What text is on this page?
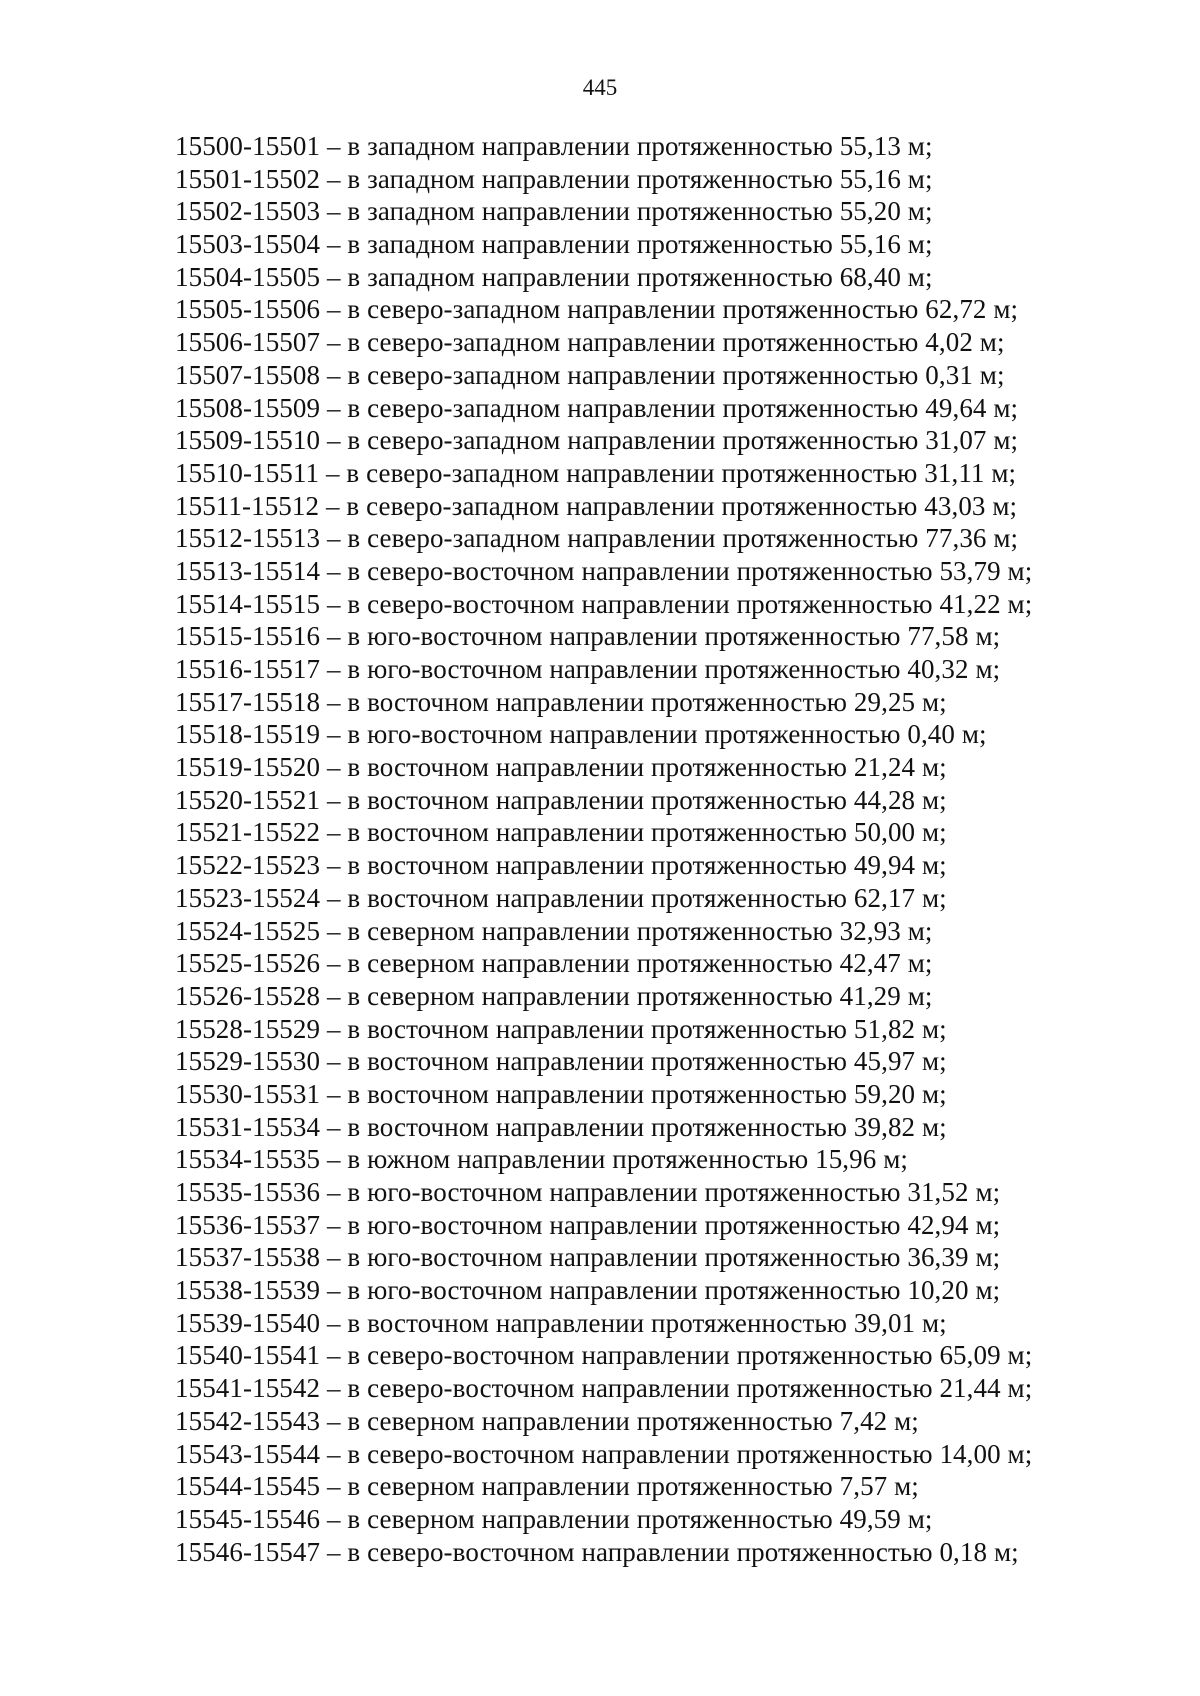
445
15500-15501 – в западном направлении протяженностью 55,13 м;
15501-15502 – в западном направлении протяженностью 55,16 м;
15502-15503 – в западном направлении протяженностью 55,20 м;
15503-15504 – в западном направлении протяженностью 55,16 м;
15504-15505 – в западном направлении протяженностью 68,40 м;
15505-15506 – в северо-западном направлении протяженностью 62,72 м;
15506-15507 – в северо-западном направлении протяженностью 4,02 м;
15507-15508 – в северо-западном направлении протяженностью 0,31 м;
15508-15509 – в северо-западном направлении протяженностью 49,64 м;
15509-15510 – в северо-западном направлении протяженностью 31,07 м;
15510-15511 – в северо-западном направлении протяженностью 31,11 м;
15511-15512 – в северо-западном направлении протяженностью 43,03 м;
15512-15513 – в северо-западном направлении протяженностью 77,36 м;
15513-15514 – в северо-восточном направлении протяженностью 53,79 м;
15514-15515 – в северо-восточном направлении протяженностью 41,22 м;
15515-15516 – в юго-восточном направлении протяженностью 77,58 м;
15516-15517 – в юго-восточном направлении протяженностью 40,32 м;
15517-15518 – в восточном направлении протяженностью 29,25 м;
15518-15519 – в юго-восточном направлении протяженностью 0,40 м;
15519-15520 – в восточном направлении протяженностью 21,24 м;
15520-15521 – в восточном направлении протяженностью 44,28 м;
15521-15522 – в восточном направлении протяженностью 50,00 м;
15522-15523 – в восточном направлении протяженностью 49,94 м;
15523-15524 – в восточном направлении протяженностью 62,17 м;
15524-15525 – в северном направлении протяженностью 32,93 м;
15525-15526 – в северном направлении протяженностью 42,47 м;
15526-15528 – в северном направлении протяженностью 41,29 м;
15528-15529 – в восточном направлении протяженностью 51,82 м;
15529-15530 – в восточном направлении протяженностью 45,97 м;
15530-15531 – в восточном направлении протяженностью 59,20 м;
15531-15534 – в восточном направлении протяженностью 39,82 м;
15534-15535 – в южном направлении протяженностью 15,96 м;
15535-15536 – в юго-восточном направлении протяженностью 31,52 м;
15536-15537 – в юго-восточном направлении протяженностью 42,94 м;
15537-15538 – в юго-восточном направлении протяженностью 36,39 м;
15538-15539 – в юго-восточном направлении протяженностью 10,20 м;
15539-15540 – в восточном направлении протяженностью 39,01 м;
15540-15541 – в северо-восточном направлении протяженностью 65,09 м;
15541-15542 – в северо-восточном направлении протяженностью 21,44 м;
15542-15543 – в северном направлении протяженностью 7,42 м;
15543-15544 – в северо-восточном направлении протяженностью 14,00 м;
15544-15545 – в северном направлении протяженностью 7,57 м;
15545-15546 – в северном направлении протяженностью 49,59 м;
15546-15547 – в северо-восточном направлении протяженностью 0,18 м;
